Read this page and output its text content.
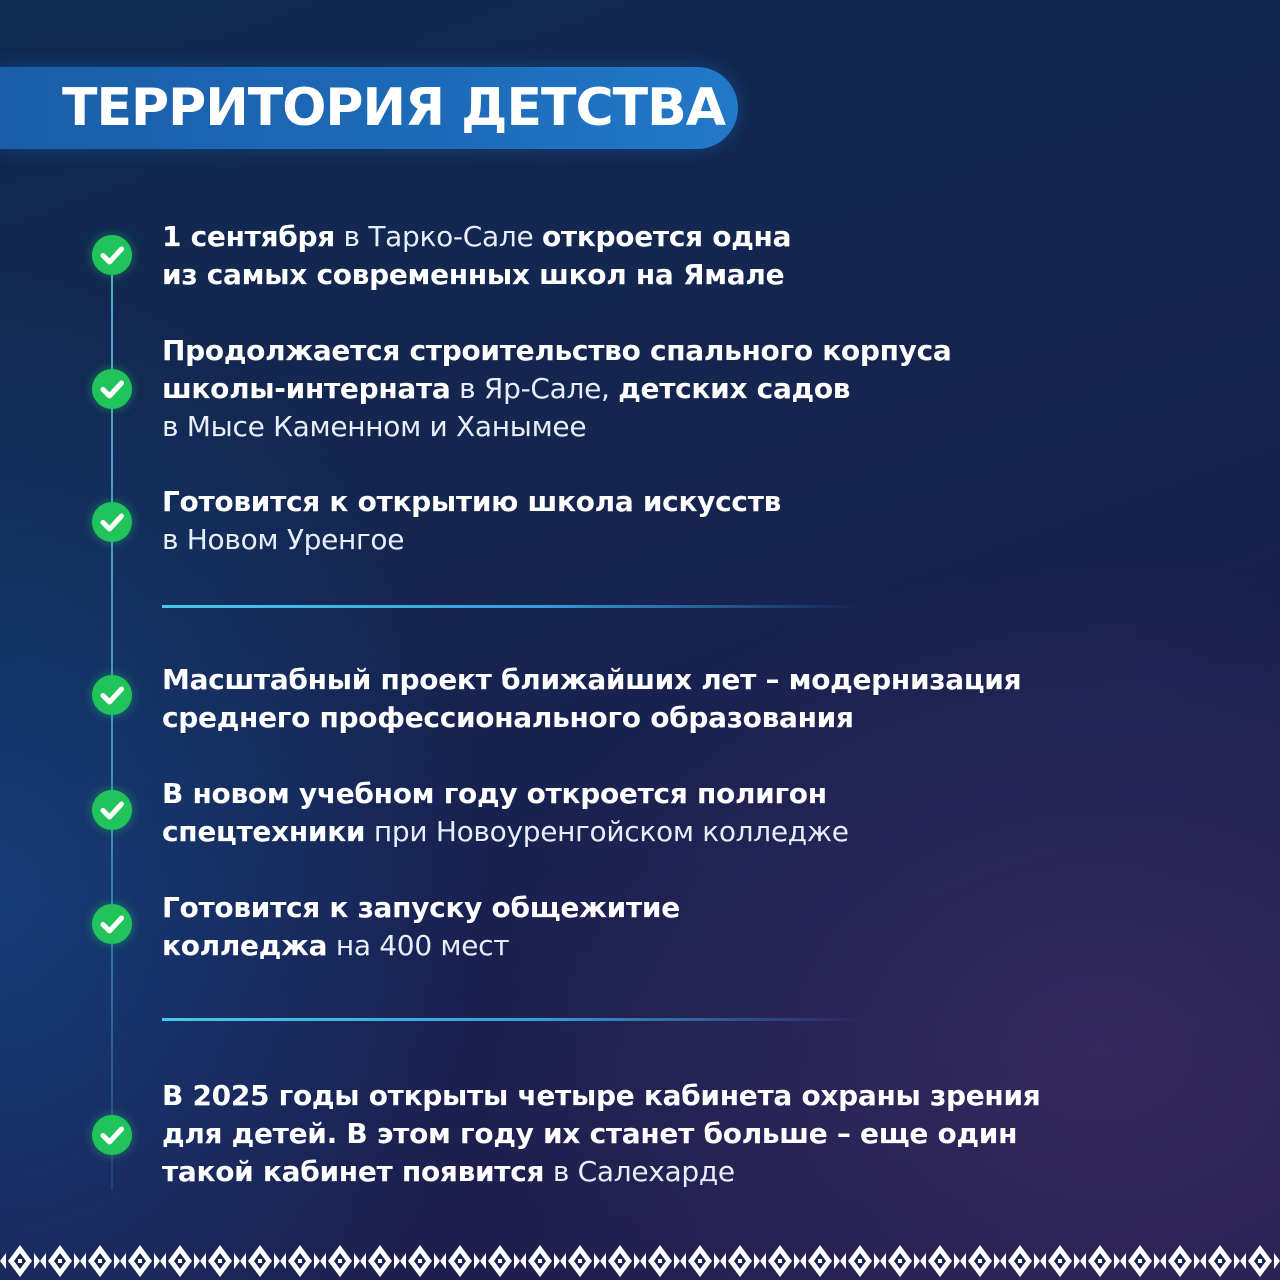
ТЕРРИТОРИЯ ДЕТСТВА
1 сентября в Тарко-Сале откроется одна
из самых современных школ на Ямале
Продолжается строительство спального корпуса
школы-интерната в Яр-Сале, детских садов
в Мысе Каменном и Ханымее
Готовится к открытию школа искусств
в Новом Уренгое
Масштабный проект ближайших лет – модернизация
среднего профессионального образования
В новом учебном году откроется полигон
спецтехники при Новоуренгойском колледже
Готовится к запуску общежитие
колледжа на 400 мест
В 2025 годы открыты четыре кабинета охраны зрения
для детей. В этом году их станет больше – еще один
такой кабинет появится в Салехарде
